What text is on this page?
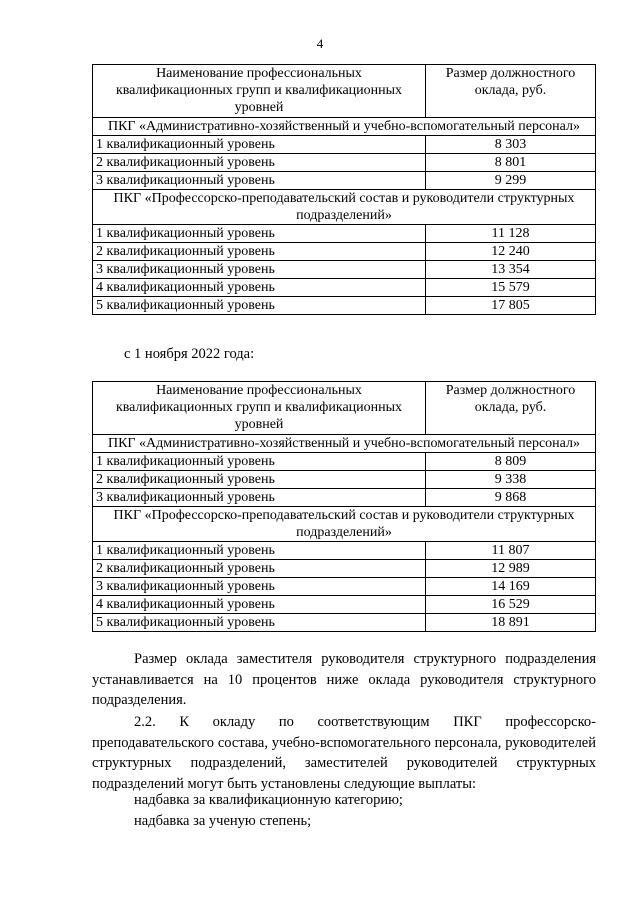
4
Наименование профессиональных квалификационных групп и квалификационных уровней	Размер должностного оклада, руб.
ПКГ «Административно-хозяйственный и учебно-вспомогательный персонал»	
1 квалификационный уровень	8 303
2 квалификационный уровень	8 801
3 квалификационный уровень	9 299
ПКГ «Профессорско-преподавательский состав и руководители структурных подразделений»	
1 квалификационный уровень	11 128
2 квалификационный уровень	12 240
3 квалификационный уровень	13 354
4 квалификационный уровень	15 579
5 квалификационный уровень	17 805
с 1 ноября 2022 года:
Наименование профессиональных квалификационных групп и квалификационных уровней	Размер должностного оклада, руб.
ПКГ «Административно-хозяйственный и учебно-вспомогательный персонал»	
1 квалификационный уровень	8 809
2 квалификационный уровень	9 338
3 квалификационный уровень	9 868
ПКГ «Профессорско-преподавательский состав и руководители структурных подразделений»	
1 квалификационный уровень	11 807
2 квалификационный уровень	12 989
3 квалификационный уровень	14 169
4 квалификационный уровень	16 529
5 квалификационный уровень	18 891

Размер оклада заместителя руководителя структурного подразделения устанавливается на 10 процентов ниже оклада руководителя структурного подразделения.

2.2. К окладу по соответствующим ПКГ профессорско-преподавательского состава, учебно-вспомогательного персонала, руководителей структурных подразделений, заместителей руководителей структурных подразделений могут быть установлены следующие выплаты:

надбавка за квалификационную категорию;
надбавка за ученую степень;
